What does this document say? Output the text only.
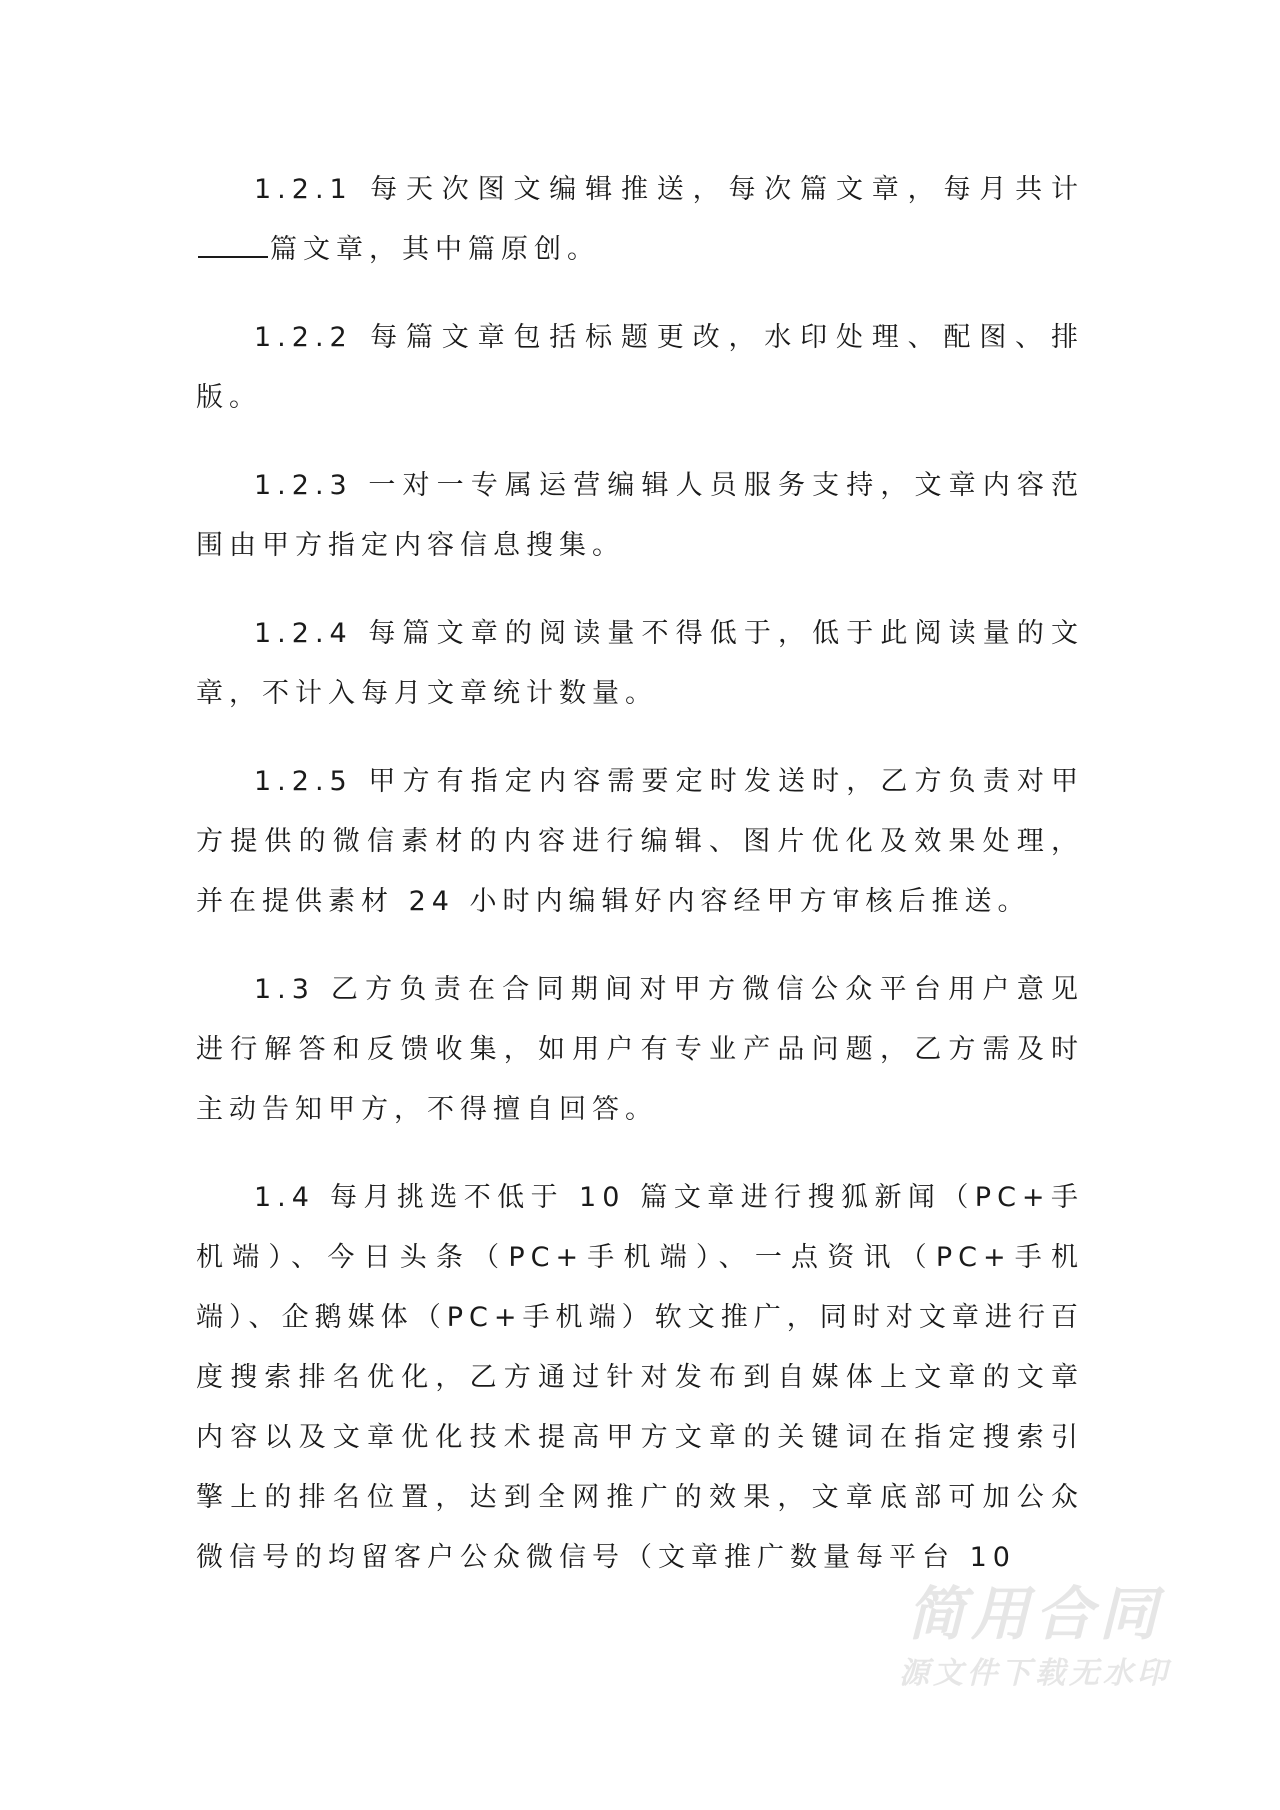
1.2.1 每天次图文编辑推送，每次篇文章，每月共计篇文章，其中篇原创。

1.2.2 每篇文章包括标题更改，水印处理、配图、排版。

1.2.3 一对一专属运营编辑人员服务支持，文章内容范围由甲方指定内容信息搜集。

1.2.4 每篇文章的阅读量不得低于，低于此阅读量的文章，不计入每月文章统计数量。

1.2.5 甲方有指定内容需要定时发送时，乙方负责对甲方提供的微信素材的内容进行编辑、图片优化及效果处理，并在提供素材 24 小时内编辑好内容经甲方审核后推送。

1.3 乙方负责在合同期间对甲方微信公众平台用户意见进行解答和反馈收集，如用户有专业产品问题，乙方需及时主动告知甲方，不得擅自回答。

1.4 每月挑选不低于 10 篇文章进行搜狐新闻（PC+手机端）、今日头条（PC+手机端）、一点资讯（PC+手机端）、企鹅媒体（PC+手机端）软文推广，同时对文章进行百度搜索排名优化，乙方通过针对发布到自媒体上文章的文章内容以及文章优化技术提高甲方文章的关键词在指定搜索引擎上的排名位置，达到全网推广的效果，文章底部可加公众微信号的均留客户公众微信号（文章推广数量每平台 10

简用合同
源文件下载无水印
